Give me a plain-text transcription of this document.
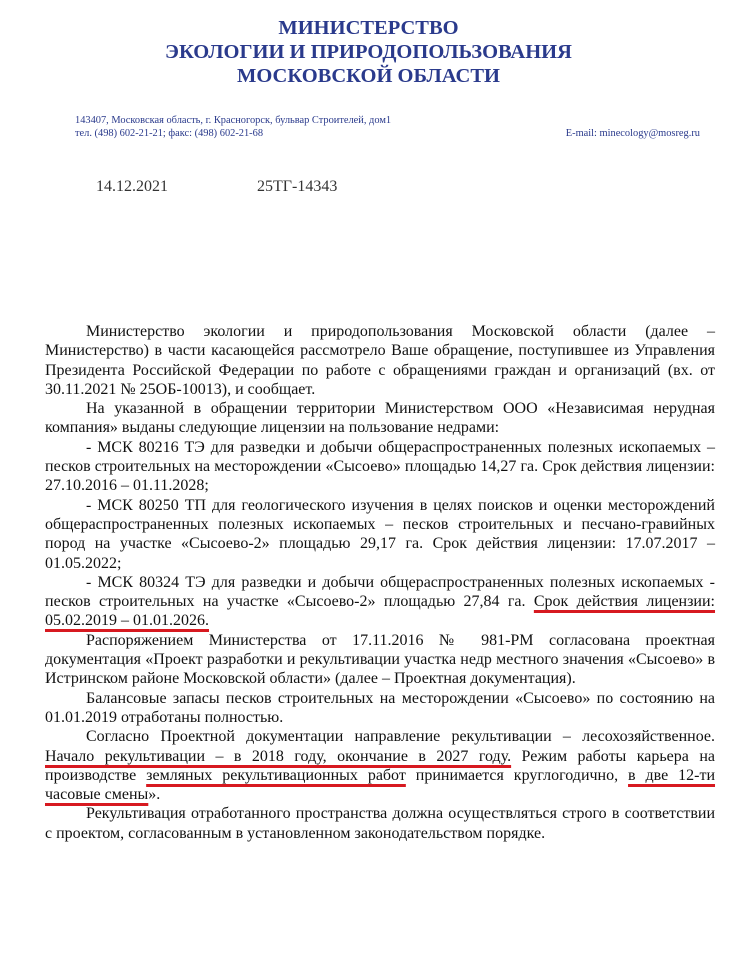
МИНИСТЕРСТВО
ЭКОЛОГИИ И ПРИРОДОПОЛЬЗОВАНИЯ
МОСКОВСКОЙ ОБЛАСТИ
143407, Московская область, г. Красногорск, бульвар Строителей, дом1
тел. (498) 602-21-21; факс: (498) 602-21-68	E-mail: minecology@mosreg.ru
14.12.2021	25ТГ-14343

Министерство экологии и природопользования Московской области (далее – Министерство) в части касающейся рассмотрело Ваше обращение, поступившее из Управления Президента Российской Федерации по работе с обращениями граждан и организаций (вх. от 30.11.2021 № 25ОБ-10013), и сообщает.

На указанной в обращении территории Министерством ООО «Независимая нерудная компания» выданы следующие лицензии на пользование недрами:

- МСК 80216 ТЭ для разведки и добычи общераспространенных полезных ископаемых – песков строительных на месторождении «Сысоево» площадью 14,27 га. Срок действия лицензии: 27.10.2016 – 01.11.2028;

- МСК 80250 ТП для геологического изучения в целях поисков и оценки месторождений общераспространенных полезных ископаемых – песков строительных и песчано-гравийных пород на участке «Сысоево-2» площадью 29,17 га. Срок действия лицензии: 17.07.2017 – 01.05.2022;

- МСК 80324 ТЭ для разведки и добычи общераспространенных полезных ископаемых - песков строительных на участке «Сысоево-2» площадью 27,84 га. Срок действия лицензии: 05.02.2019 – 01.01.2026.

Распоряжением Министерства от 17.11.2016 № 981-РМ согласована проектная документация «Проект разработки и рекультивации участка недр местного значения «Сысоево» в Истринском районе Московской области» (далее – Проектная документация).

Балансовые запасы песков строительных на месторождении «Сысоево» по состоянию на 01.01.2019 отработаны полностью.

Согласно Проектной документации направление рекультивации – лесохозяйственное. Начало рекультивации – в 2018 году, окончание в 2027 году. Режим работы карьера на производстве земляных рекультивационных работ принимается круглогодично, в две 12-ти часовые смены».

Рекультивация отработанного пространства должна осуществляться строго в соответствии с проектом, согласованным в установленном законодательством порядке.
